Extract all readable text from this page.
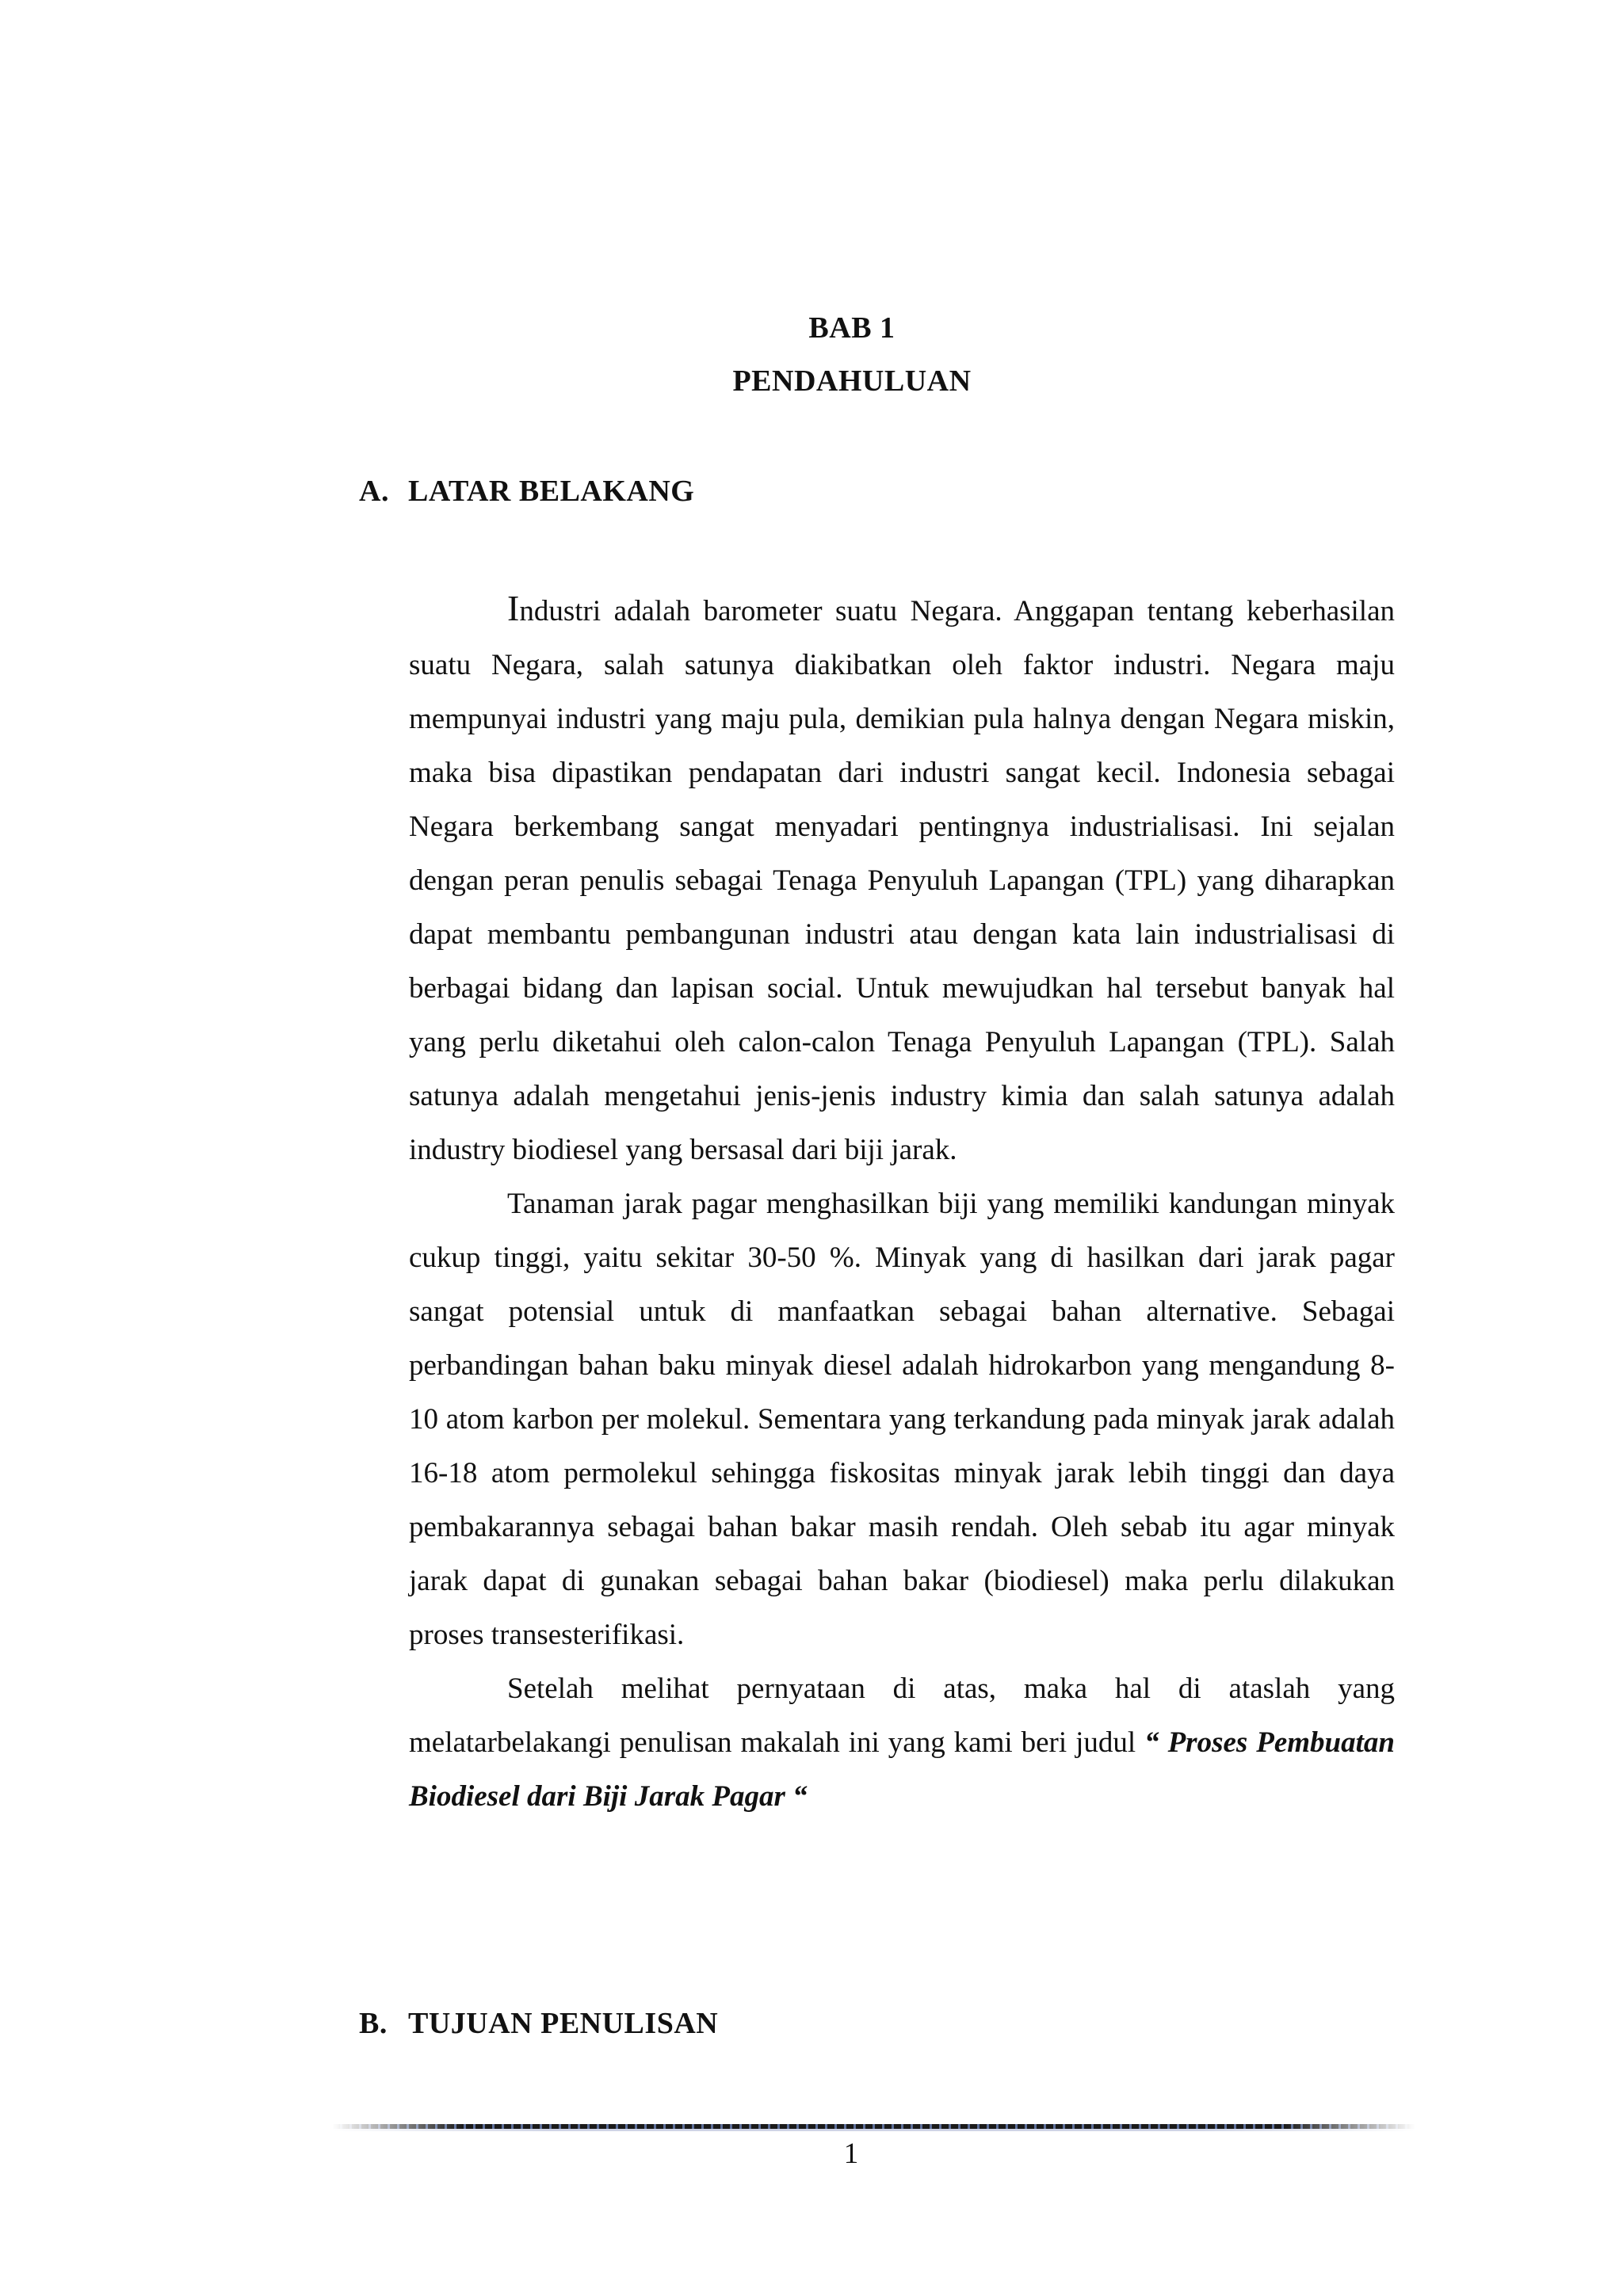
BAB 1
PENDAHULUAN
A. LATAR BELAKANG

Industri adalah barometer suatu Negara. Anggapan tentang keberhasilan suatu Negara, salah satunya diakibatkan oleh faktor industri. Negara maju mempunyai industri yang maju pula, demikian pula halnya dengan Negara miskin, maka bisa dipastikan pendapatan dari industri sangat kecil. Indonesia sebagai Negara berkembang sangat menyadari pentingnya industrialisasi. Ini sejalan dengan peran penulis sebagai Tenaga Penyuluh Lapangan (TPL) yang diharapkan dapat membantu pembangunan industri atau dengan kata lain industrialisasi di berbagai bidang dan lapisan social. Untuk mewujudkan hal tersebut banyak hal yang perlu diketahui oleh calon-calon Tenaga Penyuluh Lapangan (TPL). Salah satunya adalah mengetahui jenis-jenis industry kimia dan salah satunya adalah industry biodiesel yang bersasal dari biji jarak.

Tanaman jarak pagar menghasilkan biji yang memiliki kandungan minyak cukup tinggi, yaitu sekitar 30-50 %. Minyak yang di hasilkan dari jarak pagar sangat potensial untuk di manfaatkan sebagai bahan alternative. Sebagai perbandingan bahan baku minyak diesel adalah hidrokarbon yang mengandung 8-10 atom karbon per molekul. Sementara yang terkandung pada minyak jarak adalah 16-18 atom permolekul sehingga fiskositas minyak jarak lebih tinggi dan daya pembakarannya sebagai bahan bakar masih rendah. Oleh sebab itu agar minyak jarak dapat di gunakan sebagai bahan bakar (biodiesel) maka perlu dilakukan proses transesterifikasi.

Setelah melihat pernyataan di atas, maka hal di ataslah yang melatarbelakangi penulisan makalah ini yang kami beri judul “ Proses Pembuatan Biodiesel dari Biji Jarak Pagar “

B. TUJUAN PENULISAN
1
